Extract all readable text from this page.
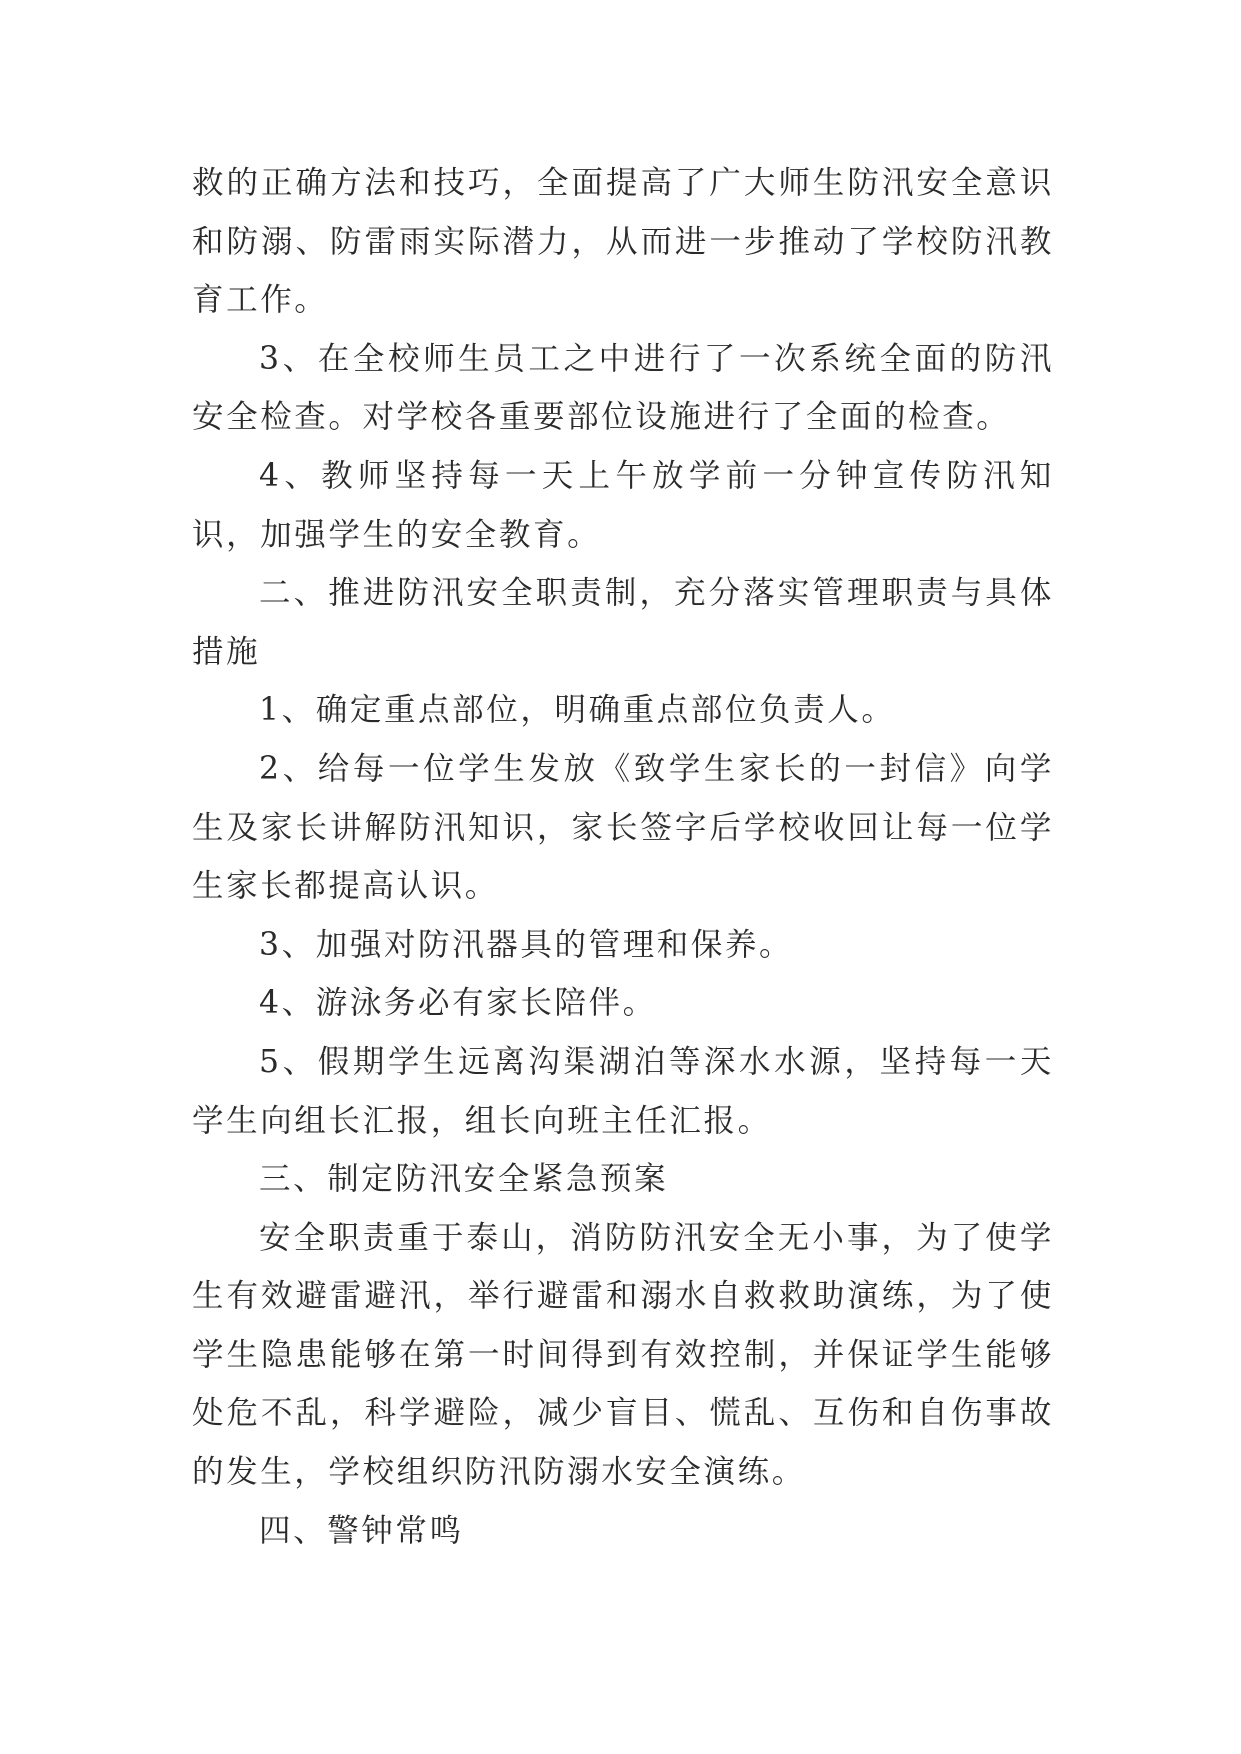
救的正确方法和技巧，全面提高了广大师生防汛安全意识和防溺、防雷雨实际潜力，从而进一步推动了学校防汛教育工作。

3、在全校师生员工之中进行了一次系统全面的防汛安全检查。对学校各重要部位设施进行了全面的检查。

4、教师坚持每一天上午放学前一分钟宣传防汛知识，加强学生的安全教育。

二、推进防汛安全职责制，充分落实管理职责与具体措施

1、确定重点部位，明确重点部位负责人。

2、给每一位学生发放《致学生家长的一封信》向学生及家长讲解防汛知识，家长签字后学校收回让每一位学生家长都提高认识。

3、加强对防汛器具的管理和保养。

4、游泳务必有家长陪伴。

5、假期学生远离沟渠湖泊等深水水源，坚持每一天学生向组长汇报，组长向班主任汇报。

三、制定防汛安全紧急预案

安全职责重于泰山，消防防汛安全无小事，为了使学生有效避雷避汛，举行避雷和溺水自救救助演练，为了使学生隐患能够在第一时间得到有效控制，并保证学生能够处危不乱，科学避险，减少盲目、慌乱、互伤和自伤事故的发生，学校组织防汛防溺水安全演练。

四、警钟常鸣
